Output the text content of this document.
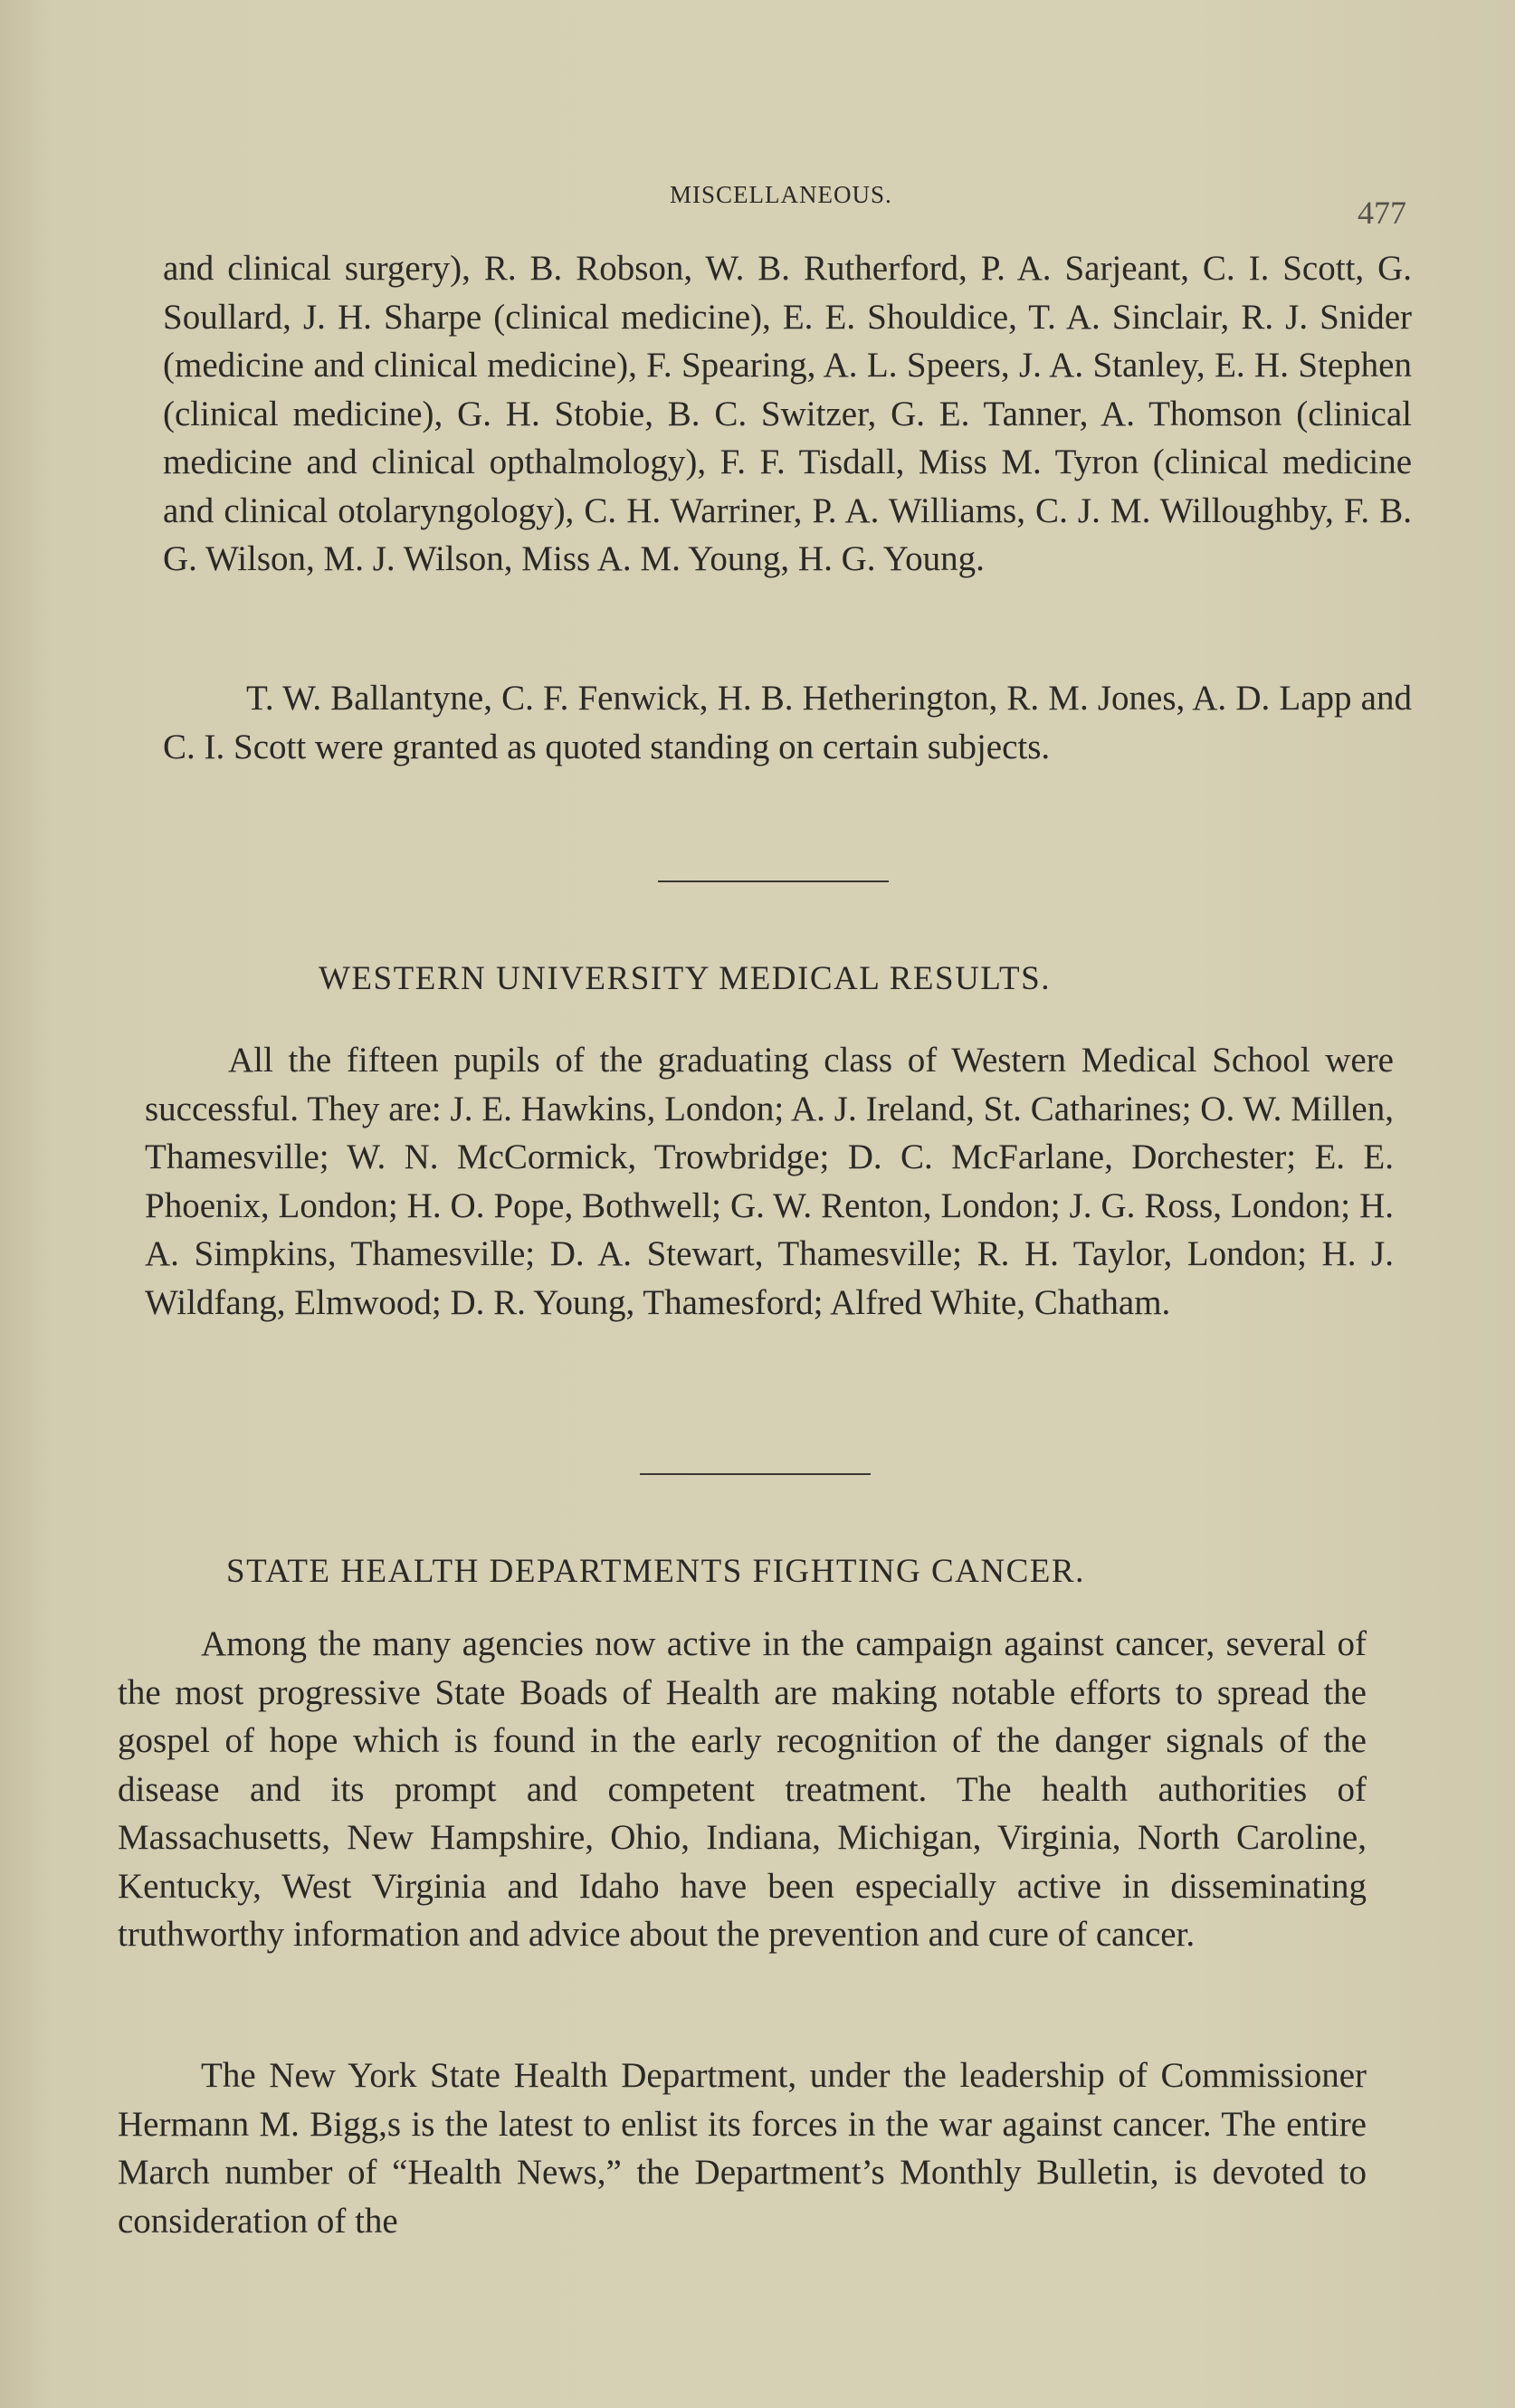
MISCELLANEOUS.	477

and clinical surgery), R. B. Robson, W. B. Rutherford, P. A. Sarjeant, C. I. Scott, G. Soullard, J. H. Sharpe (clinical medicine), E. E. Shouldice, T. A. Sinclair, R. J. Snider (medicine and clinical medicine), F. Spearing, A. L. Speers, J. A. Stanley, E. H. Stephen (clinical medicine), G. H. Stobie, B. C. Switzer, G. E. Tanner, A. Thomson (clinical medicine and clinical opthalmology), F. F. Tisdall, Miss M. Tyron (clinical medicine and clinical otolaryngology), C. H. Warriner, P. A. Williams, C. J. M. Willoughby, F. B. G. Wilson, M. J. Wilson, Miss A. M. Young, H. G. Young.

T. W. Ballantyne, C. F. Fenwick, H. B. Hetherington, R. M. Jones, A. D. Lapp and C. I. Scott were granted as quoted standing on certain subjects.

WESTERN UNIVERSITY MEDICAL RESULTS.

All the fifteen pupils of the graduating class of Western Medical School were successful. They are: J. E. Hawkins, London; A. J. Ireland, St. Catharines; O. W. Millen, Thamesville; W. N. McCormick, Trowbridge; D. C. McFarlane, Dorchester; E. E. Phoenix, London; H. O. Pope, Bothwell; G. W. Renton, London; J. G. Ross, London; H. A. Simpkins, Thamesville; D. A. Stewart, Thamesville; R. H. Taylor, London; H. J. Wildfang, Elmwood; D. R. Young, Thamesford; Alfred White, Chatham.

STATE HEALTH DEPARTMENTS FIGHTING CANCER.

Among the many agencies now active in the campaign against cancer, several of the most progressive State Boads of Health are making notable efforts to spread the gospel of hope which is found in the early recognition of the danger signals of the disease and its prompt and competent treatment. The health authorities of Massachusetts, New Hampshire, Ohio, Indiana, Michigan, Virginia, North Caroline, Kentucky, West Virginia and Idaho have been especially active in disseminating truthworthy information and advice about the prevention and cure of cancer.

The New York State Health Department, under the leadership of Commissioner Hermann M. Bigg,s is the latest to enlist its forces in the war against cancer. The entire March number of “Health News,” the Department’s Monthly Bulletin, is devoted to consideration of the
